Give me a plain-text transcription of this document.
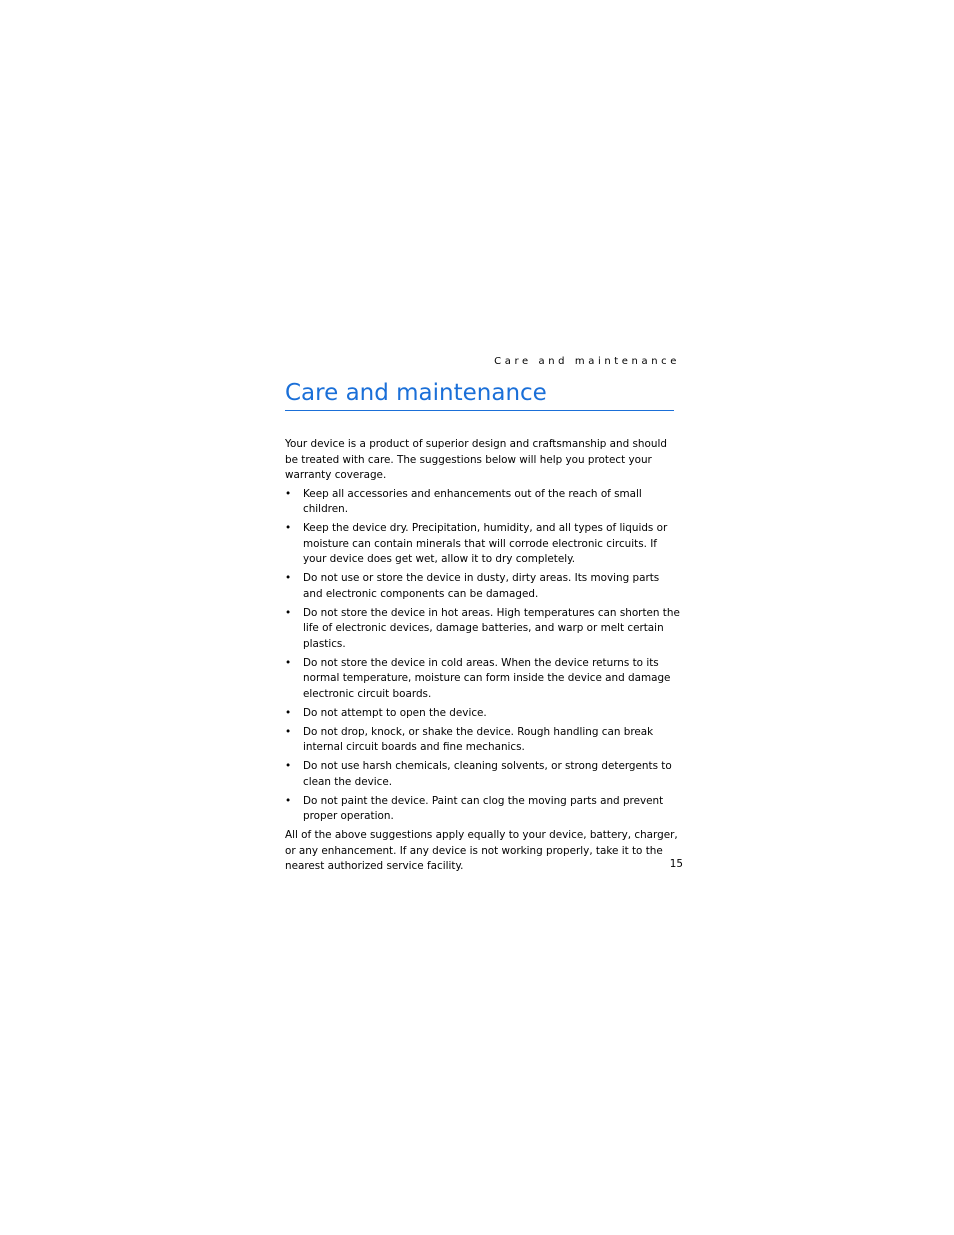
Care and maintenance
Care and maintenance

Your device is a product of superior design and craftsmanship and should be treated with care. The suggestions below will help you protect your warranty coverage.

• Keep all accessories and enhancements out of the reach of small children.
• Keep the device dry. Precipitation, humidity, and all types of liquids or moisture can contain minerals that will corrode electronic circuits. If your device does get wet, allow it to dry completely.
• Do not use or store the device in dusty, dirty areas. Its moving parts and electronic components can be damaged.
• Do not store the device in hot areas. High temperatures can shorten the life of electronic devices, damage batteries, and warp or melt certain plastics.
• Do not store the device in cold areas. When the device returns to its normal temperature, moisture can form inside the device and damage electronic circuit boards.
• Do not attempt to open the device.
• Do not drop, knock, or shake the device. Rough handling can break internal circuit boards and fine mechanics.
• Do not use harsh chemicals, cleaning solvents, or strong detergents to clean the device.
• Do not paint the device. Paint can clog the moving parts and prevent proper operation.

All of the above suggestions apply equally to your device, battery, charger, or any enhancement. If any device is not working properly, take it to the nearest authorized service facility.	15
